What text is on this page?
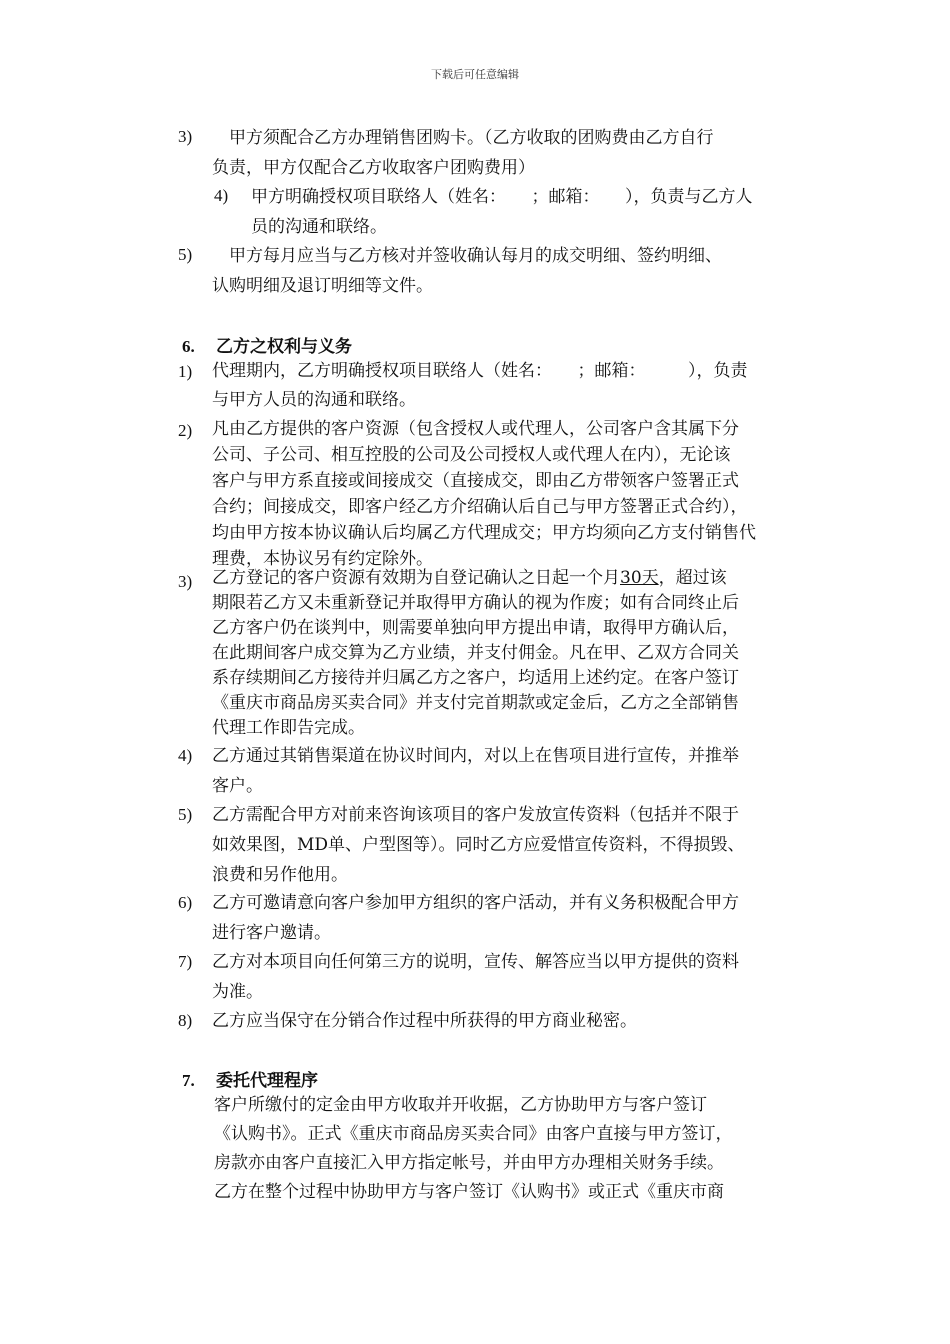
下载后可任意编辑
3) 　甲方须配合乙方办理销售团购卡。（乙方收取的团购费由乙方自行
负责，甲方仅配合乙方收取客户团购费用）
4) 甲方明确授权项目联络人（姓名：　　；邮箱：　　），负责与乙方人
员的沟通和联络。
5) 　甲方每月应当与乙方核对并签收确认每月的成交明细、签约明细、
认购明细及退订明细等文件。
6. 乙方之权利与义务
1) 代理期内，乙方明确授权项目联络人（姓名：　　；邮箱：　　　），负责
与甲方人员的沟通和联络。
2) 凡由乙方提供的客户资源（包含授权人或代理人，公司客户含其属下分
公司、子公司、相互控股的公司及公司授权人或代理人在内），无论该
客户与甲方系直接或间接成交（直接成交，即由乙方带领客户签署正式
合约；间接成交，即客户经乙方介绍确认后自己与甲方签署正式合约），
均由甲方按本协议确认后均属乙方代理成交；甲方均须向乙方支付销售代
理费，本协议另有约定除外。
3) 乙方登记的客户资源有效期为自登记确认之日起一个月30天，超过该
期限若乙方又未重新登记并取得甲方确认的视为作废；如有合同终止后
乙方客户仍在谈判中，则需要单独向甲方提出申请，取得甲方确认后，
在此期间客户成交算为乙方业绩，并支付佣金。凡在甲、乙双方合同关
系存续期间乙方接待并归属乙方之客户，均适用上述约定。在客户签订
《重庆市商品房买卖合同》并支付完首期款或定金后，乙方之全部销售
代理工作即告完成。
4) 乙方通过其销售渠道在协议时间内，对以上在售项目进行宣传，并推举
客户。
5) 乙方需配合甲方对前来咨询该项目的客户发放宣传资料（包括并不限于
如效果图，MD单、户型图等）。同时乙方应爱惜宣传资料，不得损毁、
浪费和另作他用。
6) 乙方可邀请意向客户参加甲方组织的客户活动，并有义务积极配合甲方
进行客户邀请。
7) 乙方对本项目向任何第三方的说明，宣传、解答应当以甲方提供的资料
为准。
8) 乙方应当保守在分销合作过程中所获得的甲方商业秘密。
7. 委托代理程序
客户所缴付的定金由甲方收取并开收据，乙方协助甲方与客户签订
《认购书》。正式《重庆市商品房买卖合同》由客户直接与甲方签订，
房款亦由客户直接汇入甲方指定帐号，并由甲方办理相关财务手续。
乙方在整个过程中协助甲方与客户签订《认购书》或正式《重庆市商
